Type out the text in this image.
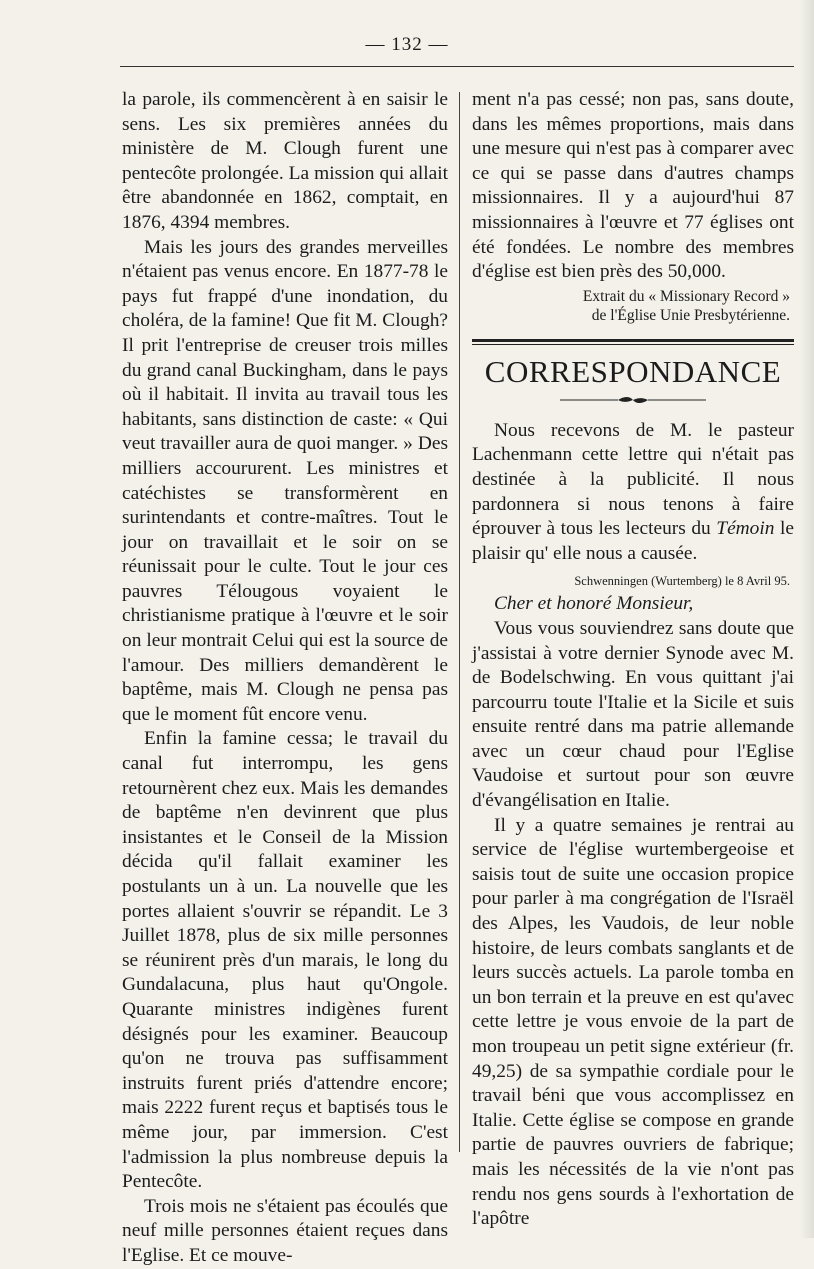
— 132 —

la parole, ils commencèrent à en saisir le sens. Les six premières années du ministère de M. Clough furent une pentecôte prolongée. La mission qui allait être abandonnée en 1862, comptait, en 1876, 4394 membres.

Mais les jours des grandes merveilles n'étaient pas venus encore. En 1877-78 le pays fut frappé d'une inondation, du choléra, de la famine! Que fit M. Clough? Il prit l'entreprise de creuser trois milles du grand canal Buckingham, dans le pays où il habitait. Il invita au travail tous les habitants, sans distinction de caste: « Qui veut travailler aura de quoi manger. » Des milliers accoururent. Les ministres et catéchistes se transformèrent en surintendants et contre-maîtres. Tout le jour on travaillait et le soir on se réunissait pour le culte. Tout le jour ces pauvres Télougous voyaient le christianisme pratique à l'œuvre et le soir on leur montrait Celui qui est la source de l'amour. Des milliers demandèrent le baptême, mais M. Clough ne pensa pas que le moment fût encore venu.

Enfin la famine cessa; le travail du canal fut interrompu, les gens retournèrent chez eux. Mais les demandes de baptême n'en devinrent que plus insistantes et le Conseil de la Mission décida qu'il fallait examiner les postulants un à un. La nouvelle que les portes allaient s'ouvrir se répandit. Le 3 Juillet 1878, plus de six mille personnes se réunirent près d'un marais, le long du Gundalacuna, plus haut qu'Ongole. Quarante ministres indigènes furent désignés pour les examiner. Beaucoup qu'on ne trouva pas suffisamment instruits furent priés d'attendre encore; mais 2222 furent reçus et baptisés tous le même jour, par immersion. C'est l'admission la plus nombreuse depuis la Pentecôte.

Trois mois ne s'étaient pas écoulés que neuf mille personnes étaient reçues dans l'Eglise. Et ce mouve-

ment n'a pas cessé; non pas, sans doute, dans les mêmes proportions, mais dans une mesure qui n'est pas à comparer avec ce qui se passe dans d'autres champs missionnaires. Il y a aujourd'hui 87 missionnaires à l'œuvre et 77 églises ont été fondées. Le nombre des membres d'église est bien près des 50,000.

Extrait du « Missionary Record »
de l'Église Unie Presbytérienne.
CORRESPONDANCE

Nous recevons de M. le pasteur Lachenmann cette lettre qui n'était pas destinée à la publicité. Il nous pardonnera si nous tenons à faire éprouver à tous les lecteurs du Témoin le plaisir qu' elle nous a causée.

Schwenningen (Wurtemberg) le 8 Avril 95.

Cher et honoré Monsieur,

Vous vous souviendrez sans doute que j'assistai à votre dernier Synode avec M. de Bodelschwing. En vous quittant j'ai parcourru toute l'Italie et la Sicile et suis ensuite rentré dans ma patrie allemande avec un cœur chaud pour l'Eglise Vaudoise et surtout pour son œuvre d'évangélisation en Italie.

Il y a quatre semaines je rentrai au service de l'église wurtembergeoise et saisis tout de suite une occasion propice pour parler à ma congrégation de l'Israël des Alpes, les Vaudois, de leur noble histoire, de leurs combats sanglants et de leurs succès actuels. La parole tomba en un bon terrain et la preuve en est qu'avec cette lettre je vous envoie de la part de mon troupeau un petit signe extérieur (fr. 49,25) de sa sympathie cordiale pour le travail béni que vous accomplissez en Italie. Cette église se compose en grande partie de pauvres ouvriers de fabrique; mais les nécessités de la vie n'ont pas rendu nos gens sourds à l'exhortation de l'apôtre
